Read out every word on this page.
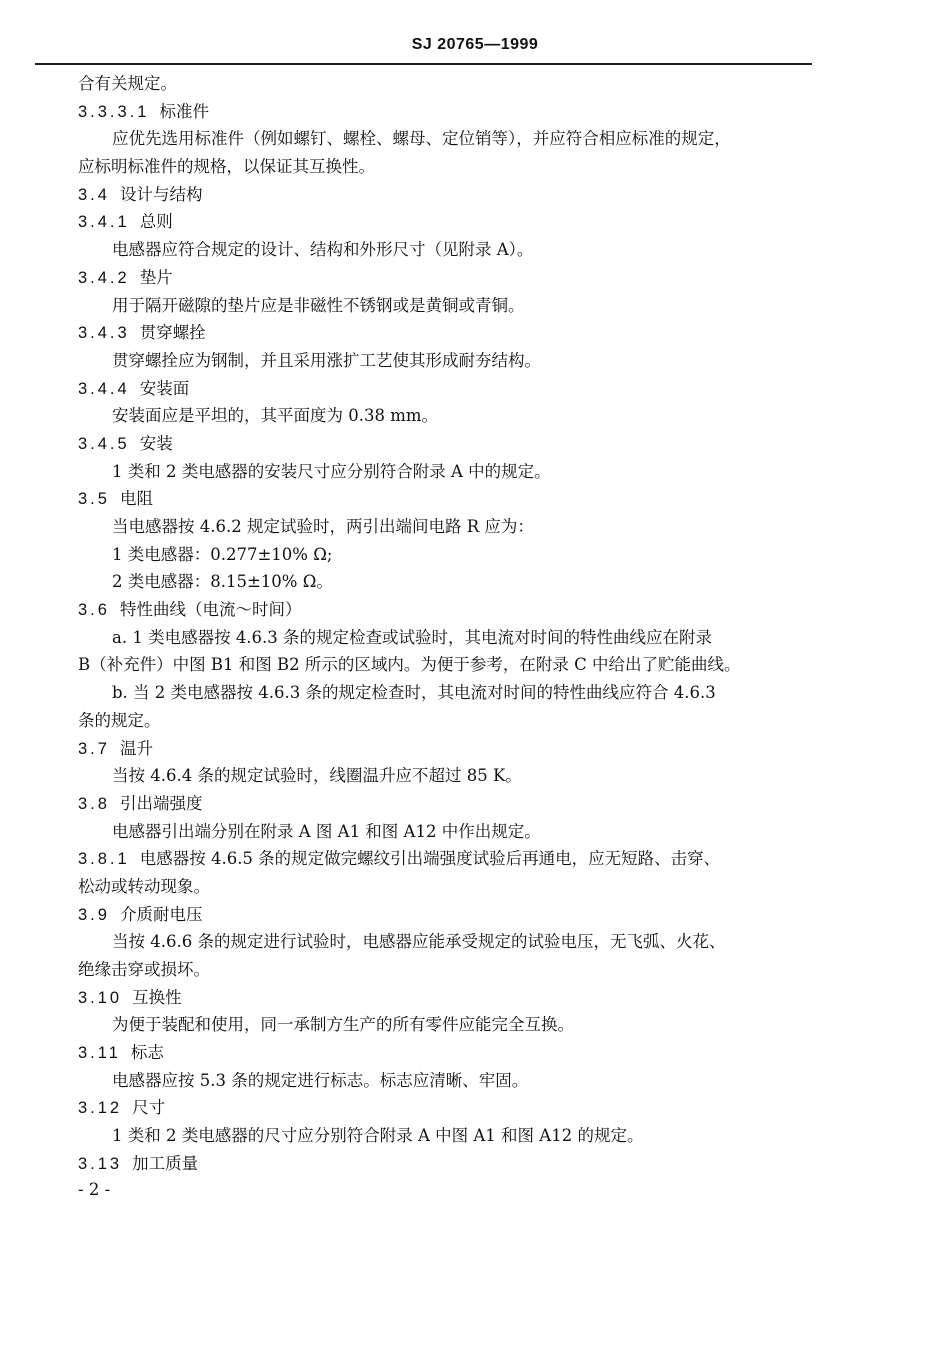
SJ 20765—1999
合有关规定。
3.3.3.1 标准件
应优先选用标准件（例如螺钉、螺栓、螺母、定位销等），并应符合相应标准的规定，
应标明标准件的规格，以保证其互换性。
3.4 设计与结构
3.4.1 总则
电感器应符合规定的设计、结构和外形尺寸（见附录 A）。
3.4.2 垫片
用于隔开磁隙的垫片应是非磁性不锈钢或是黄铜或青铜。
3.4.3 贯穿螺拴
贯穿螺拴应为钢制，并且采用涨扩工艺使其形成耐夯结构。
3.4.4 安装面
安装面应是平坦的，其平面度为 0.38 mm。
3.4.5 安装
1 类和 2 类电感器的安装尺寸应分别符合附录 A 中的规定。
3.5 电阻
当电感器按 4.6.2 规定试验时，两引出端间电路 R 应为：
1 类电感器：0.277±10% Ω;
2 类电感器：8.15±10% Ω。
3.6 特性曲线（电流～时间）
a. 1 类电感器按 4.6.3 条的规定检查或试验时，其电流对时间的特性曲线应在附录
B（补充件）中图 B1 和图 B2 所示的区域内。为便于参考，在附录 C 中给出了贮能曲线。
b. 当 2 类电感器按 4.6.3 条的规定检查时，其电流对时间的特性曲线应符合 4.6.3
条的规定。
3.7 温升
当按 4.6.4 条的规定试验时，线圈温升应不超过 85 K。
3.8 引出端强度
电感器引出端分别在附录 A 图 A1 和图 A12 中作出规定。
3.8.1 电感器按 4.6.5 条的规定做完螺纹引出端强度试验后再通电，应无短路、击穿、
松动或转动现象。
3.9 介质耐电压
当按 4.6.6 条的规定进行试验时，电感器应能承受规定的试验电压，无飞弧、火花、
绝缘击穿或损坏。
3.10 互换性
为便于装配和使用，同一承制方生产的所有零件应能完全互换。
3.11 标志
电感器应按 5.3 条的规定进行标志。标志应清晰、牢固。
3.12 尺寸
1 类和 2 类电感器的尺寸应分别符合附录 A 中图 A1 和图 A12 的规定。
3.13 加工质量
- 2 -
